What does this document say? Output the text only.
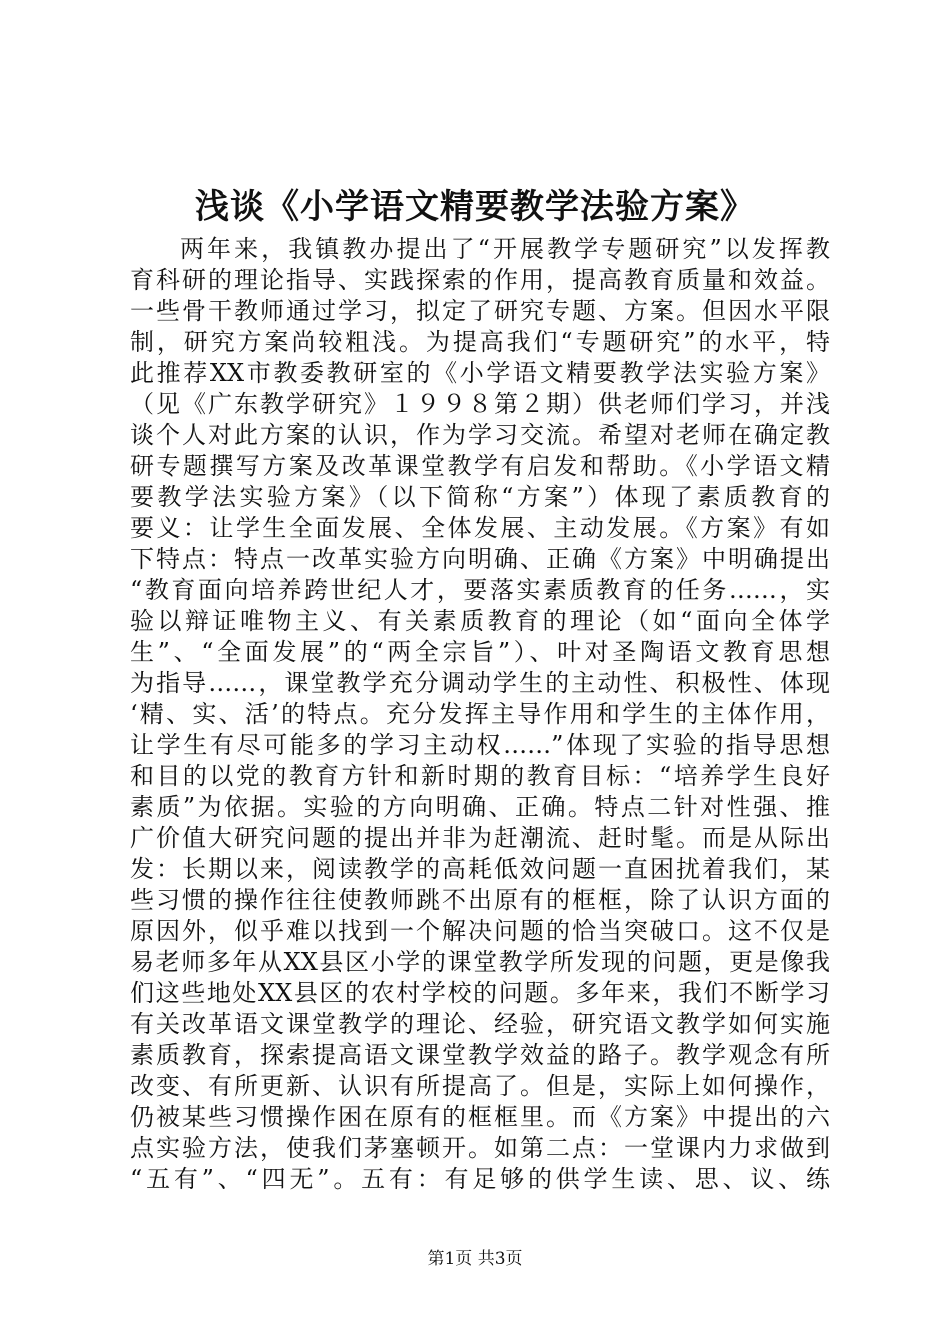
浅谈《小学语文精要教学法验方案》
两年来，我镇教办提出了“开展教学专题研究”以发挥教
育科研的理论指导、实践探索的作用，提高教育质量和效益。
一些骨干教师通过学习，拟定了研究专题、方案。但因水平限
制，研究方案尚较粗浅。为提高我们“专题研究”的水平，特
此推荐XX市教委教研室的《小学语文精要教学法实验方案》
（见《广东教学研究》１９９８第２期）供老师们学习，并浅
谈个人对此方案的认识，作为学习交流。希望对老师在确定教
研专题撰写方案及改革课堂教学有启发和帮助。《小学语文精
要教学法实验方案》（以下简称“方案”）体现了素质教育的
要义：让学生全面发展、全体发展、主动发展。《方案》有如
下特点：特点一改革实验方向明确、正确《方案》中明确提出
“教育面向培养跨世纪人才，要落实素质教育的任务……，实
验以辩证唯物主义、有关素质教育的理论（如“面向全体学
生”、“全面发展”的“两全宗旨”）、叶对圣陶语文教育思想
为指导……，课堂教学充分调动学生的主动性、积极性、体现
‘精、实、活’的特点。充分发挥主导作用和学生的主体作用，
让学生有尽可能多的学习主动权……”体现了实验的指导思想
和目的以党的教育方针和新时期的教育目标：“培养学生良好
素质”为依据。实验的方向明确、正确。特点二针对性强、推
广价值大研究问题的提出并非为赶潮流、赶时髦。而是从际出
发：长期以来，阅读教学的高耗低效问题一直困扰着我们，某
些习惯的操作往往使教师跳不出原有的框框，除了认识方面的
原因外，似乎难以找到一个解决问题的恰当突破口。这不仅是
易老师多年从XX县区小学的课堂教学所发现的问题，更是像我
们这些地处XX县区的农村学校的问题。多年来，我们不断学习
有关改革语文课堂教学的理论、经验，研究语文教学如何实施
素质教育，探索提高语文课堂教学效益的路子。教学观念有所
改变、有所更新、认识有所提高了。但是，实际上如何操作，
仍被某些习惯操作困在原有的框框里。而《方案》中提出的六
点实验方法，使我们茅塞顿开。如第二点：一堂课内力求做到
“五有”、“四无”。五有：有足够的供学生读、思、议、练
第1页 共3页
